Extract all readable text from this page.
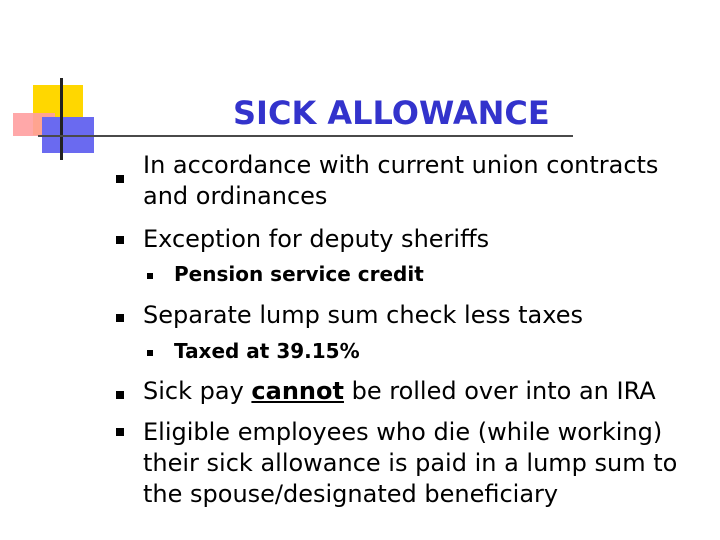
SICK ALLOWANCE
In accordance with current union contracts
and ordinances
Exception for deputy sheriffs
Pension service credit
Separate lump sum check less taxes
Taxed at 39.15%
Sick pay cannot be rolled over into an IRA
Eligible employees who die (while working)
their sick allowance is paid in a lump sum to
the spouse/designated beneficiary
